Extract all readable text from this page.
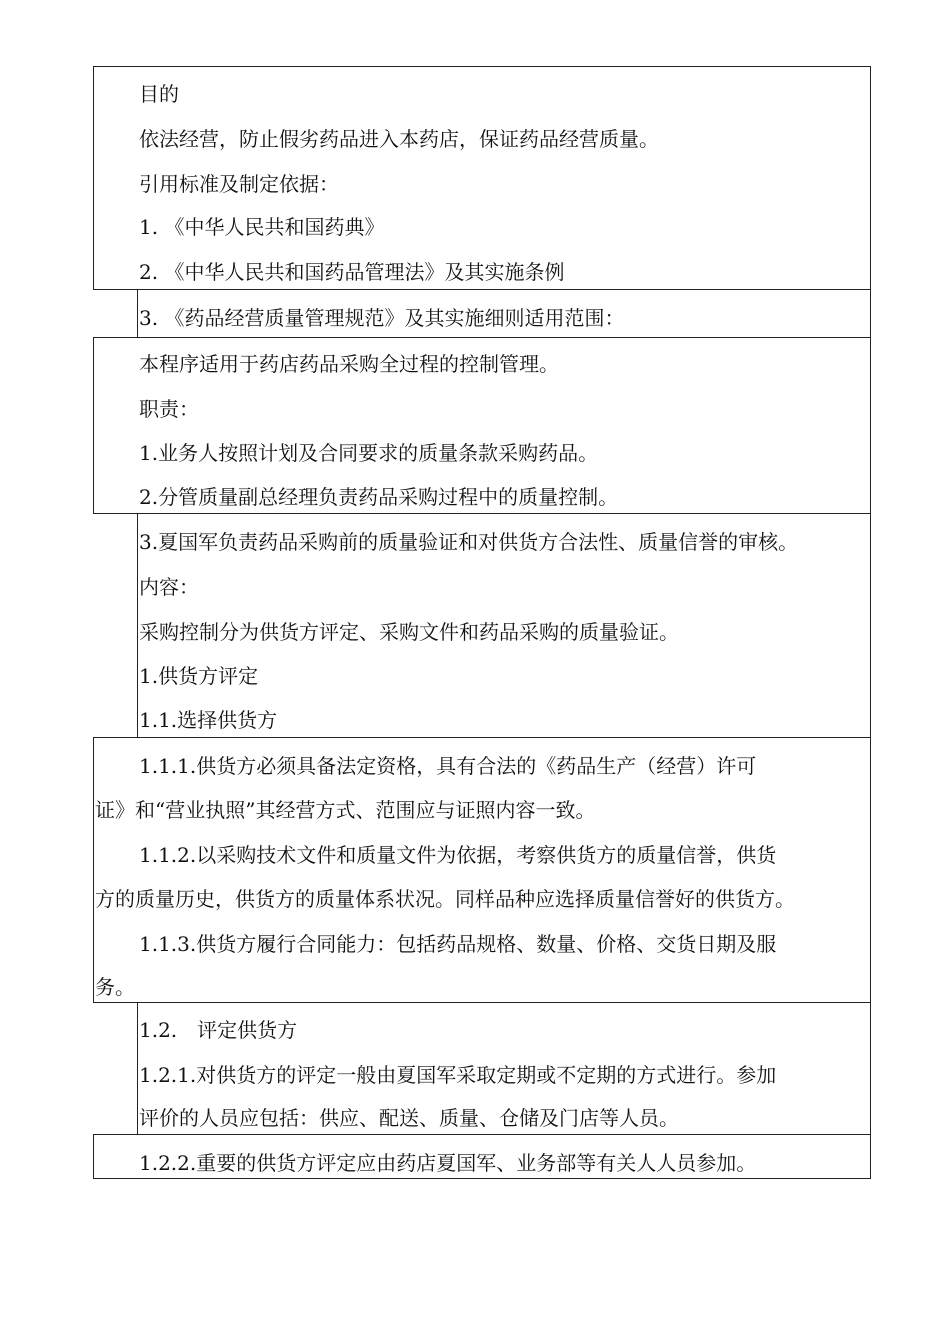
目的
依法经营，防止假劣药品进入本药店，保证药品经营质量。
引用标准及制定依据：
1. 《中华人民共和国药典》
2. 《中华人民共和国药品管理法》及其实施条例
3. 《药品经营质量管理规范》及其实施细则适用范围：
本程序适用于药店药品采购全过程的控制管理。
职责：
1.业务人按照计划及合同要求的质量条款采购药品。
2.分管质量副总经理负责药品采购过程中的质量控制。
3.夏国军负责药品采购前的质量验证和对供货方合法性、质量信誉的审核。
内容：
采购控制分为供货方评定、采购文件和药品采购的质量验证。
1.供货方评定
1.1.选择供货方
1.1.1.供货方必须具备法定资格，具有合法的《药品生产（经营）许可
证》和“营业执照”其经营方式、范围应与证照内容一致。
1.1.2.以采购技术文件和质量文件为依据，考察供货方的质量信誉，供货
方的质量历史，供货方的质量体系状况。同样品种应选择质量信誉好的供货方。
1.1.3.供货方履行合同能力：包括药品规格、数量、价格、交货日期及服
务。
1.2.　评定供货方
1.2.1.对供货方的评定一般由夏国军采取定期或不定期的方式进行。参加
评价的人员应包括：供应、配送、质量、仓储及门店等人员。
1.2.2.重要的供货方评定应由药店夏国军、业务部等有关人人员参加。
